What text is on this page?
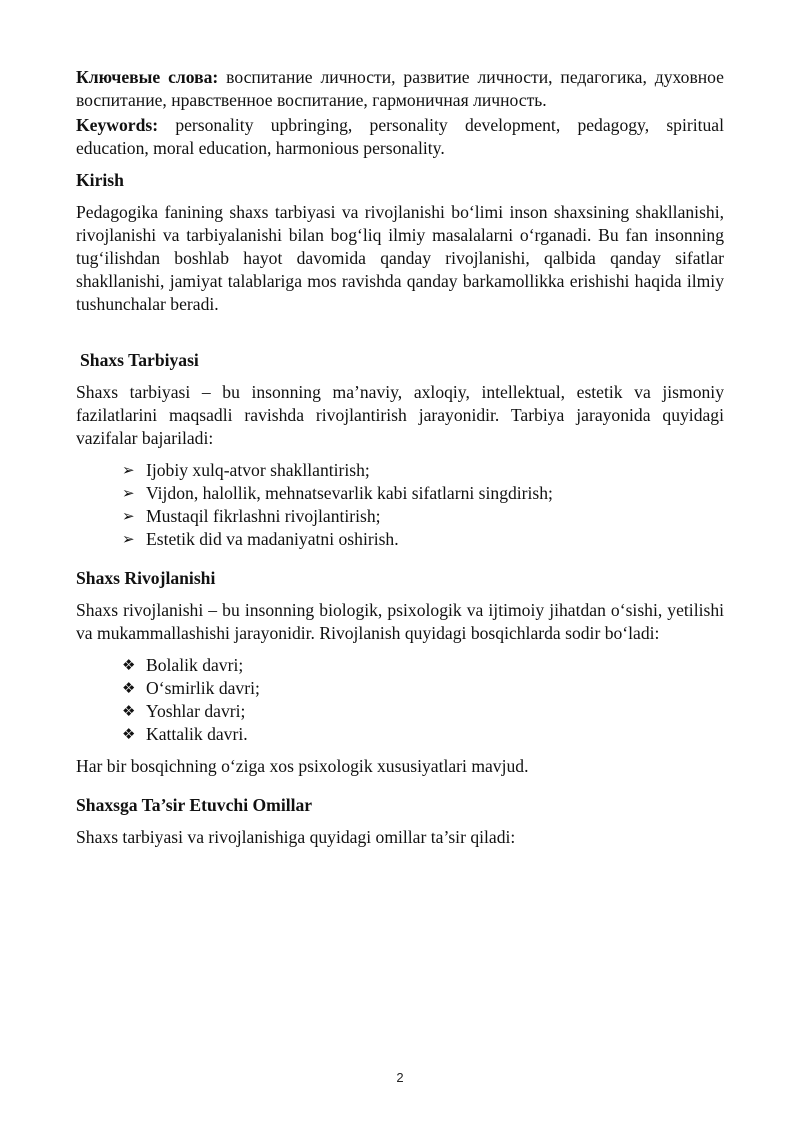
Ключевые слова: воспитание личности, развитие личности, педагогика, духовное воспитание, нравственное воспитание, гармоничная личность.

Keywords: personality upbringing, personality development, pedagogy, spiritual education, moral education, harmonious personality.

Kirish

Pedagogika fanining shaxs tarbiyasi va rivojlanishi bo‘limi inson shaxsining shakllanishi, rivojlanishi va tarbiyalanishi bilan bog‘liq ilmiy masalalarni o‘rganadi. Bu fan insonning tug‘ilishdan boshlab hayot davomida qanday rivojlanishi, qalbida qanday sifatlar shakllanishi, jamiyat talablariga mos ravishda qanday barkamollikka erishishi haqida ilmiy tushunchalar beradi.

Shaxs Tarbiyasi

Shaxs tarbiyasi – bu insonning ma’naviy, axloqiy, intellektual, estetik va jismoniy fazilatlarini maqsadli ravishda rivojlantirish jarayonidir. Tarbiya jarayonida quyidagi vazifalar bajariladi:

➢ Ijobiy xulq-atvor shakllantirish;
➢ Vijdon, halollik, mehnatsevarlik kabi sifatlarni singdirish;
➢ Mustaqil fikrlashni rivojlantirish;
➢ Estetik did va madaniyatni oshirish.
Shaxs Rivojlanishi

Shaxs rivojlanishi – bu insonning biologik, psixologik va ijtimoiy jihatdan o‘sishi, yetilishi va mukammallashishi jarayonidir. Rivojlanish quyidagi bosqichlarda sodir bo‘ladi:

❖ Bolalik davri;
❖ O‘smirlik davri;
❖ Yoshlar davri;
❖ Kattalik davri.

Har bir bosqichning o‘ziga xos psixologik xususiyatlari mavjud.

Shaxsga Ta’sir Etuvchi Omillar

Shaxs tarbiyasi va rivojlanishiga quyidagi omillar ta’sir qiladi:

2
